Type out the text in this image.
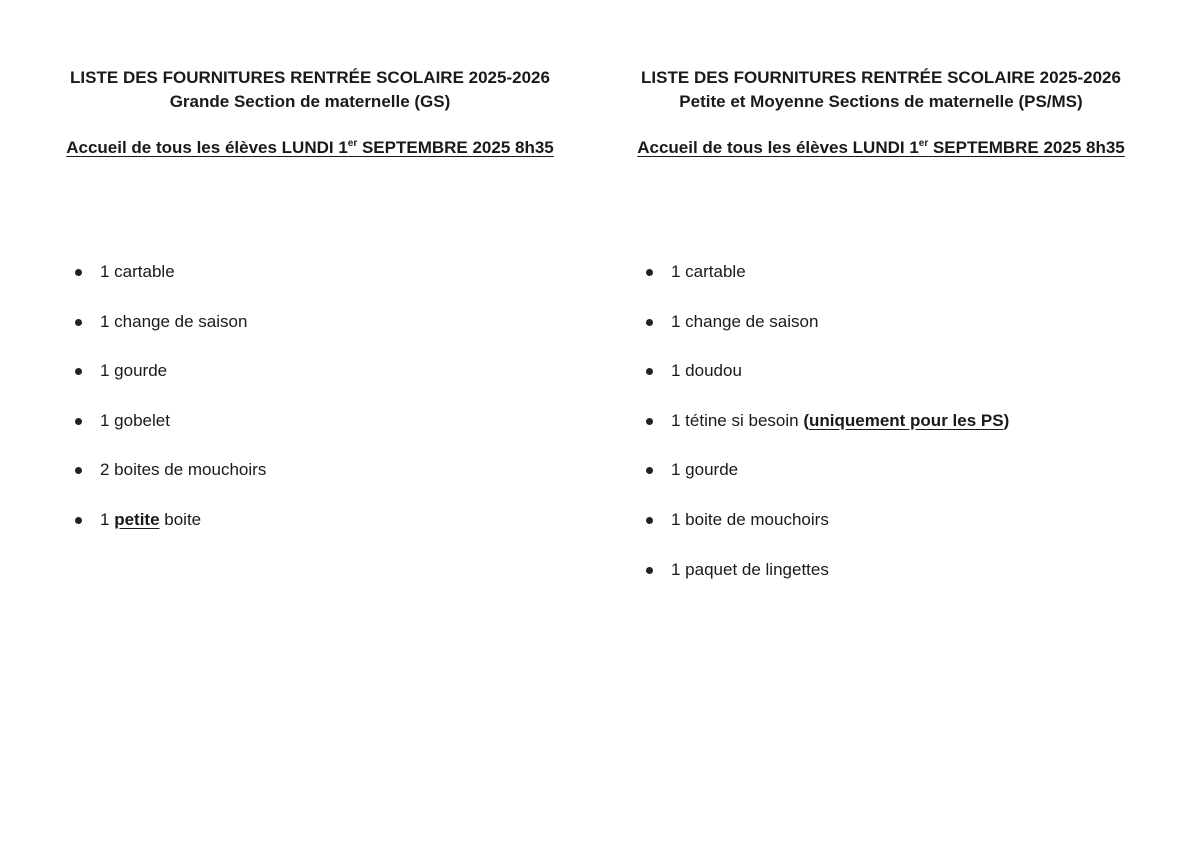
LISTE DES FOURNITURES RENTRÉE SCOLAIRE 2025-2026
Grande Section de maternelle (GS)
Accueil de tous les élèves LUNDI 1er SEPTEMBRE 2025 8h35
1 cartable
1 change de saison
1 gourde
1 gobelet
2 boites de mouchoirs
1 petite boite
LISTE DES FOURNITURES RENTRÉE SCOLAIRE 2025-2026
Petite et Moyenne Sections de maternelle (PS/MS)
Accueil de tous les élèves LUNDI 1er SEPTEMBRE 2025 8h35
1 cartable
1 change de saison
1 doudou
1 tétine si besoin (uniquement pour les PS)
1 gourde
1 boite de mouchoirs
1 paquet de lingettes
